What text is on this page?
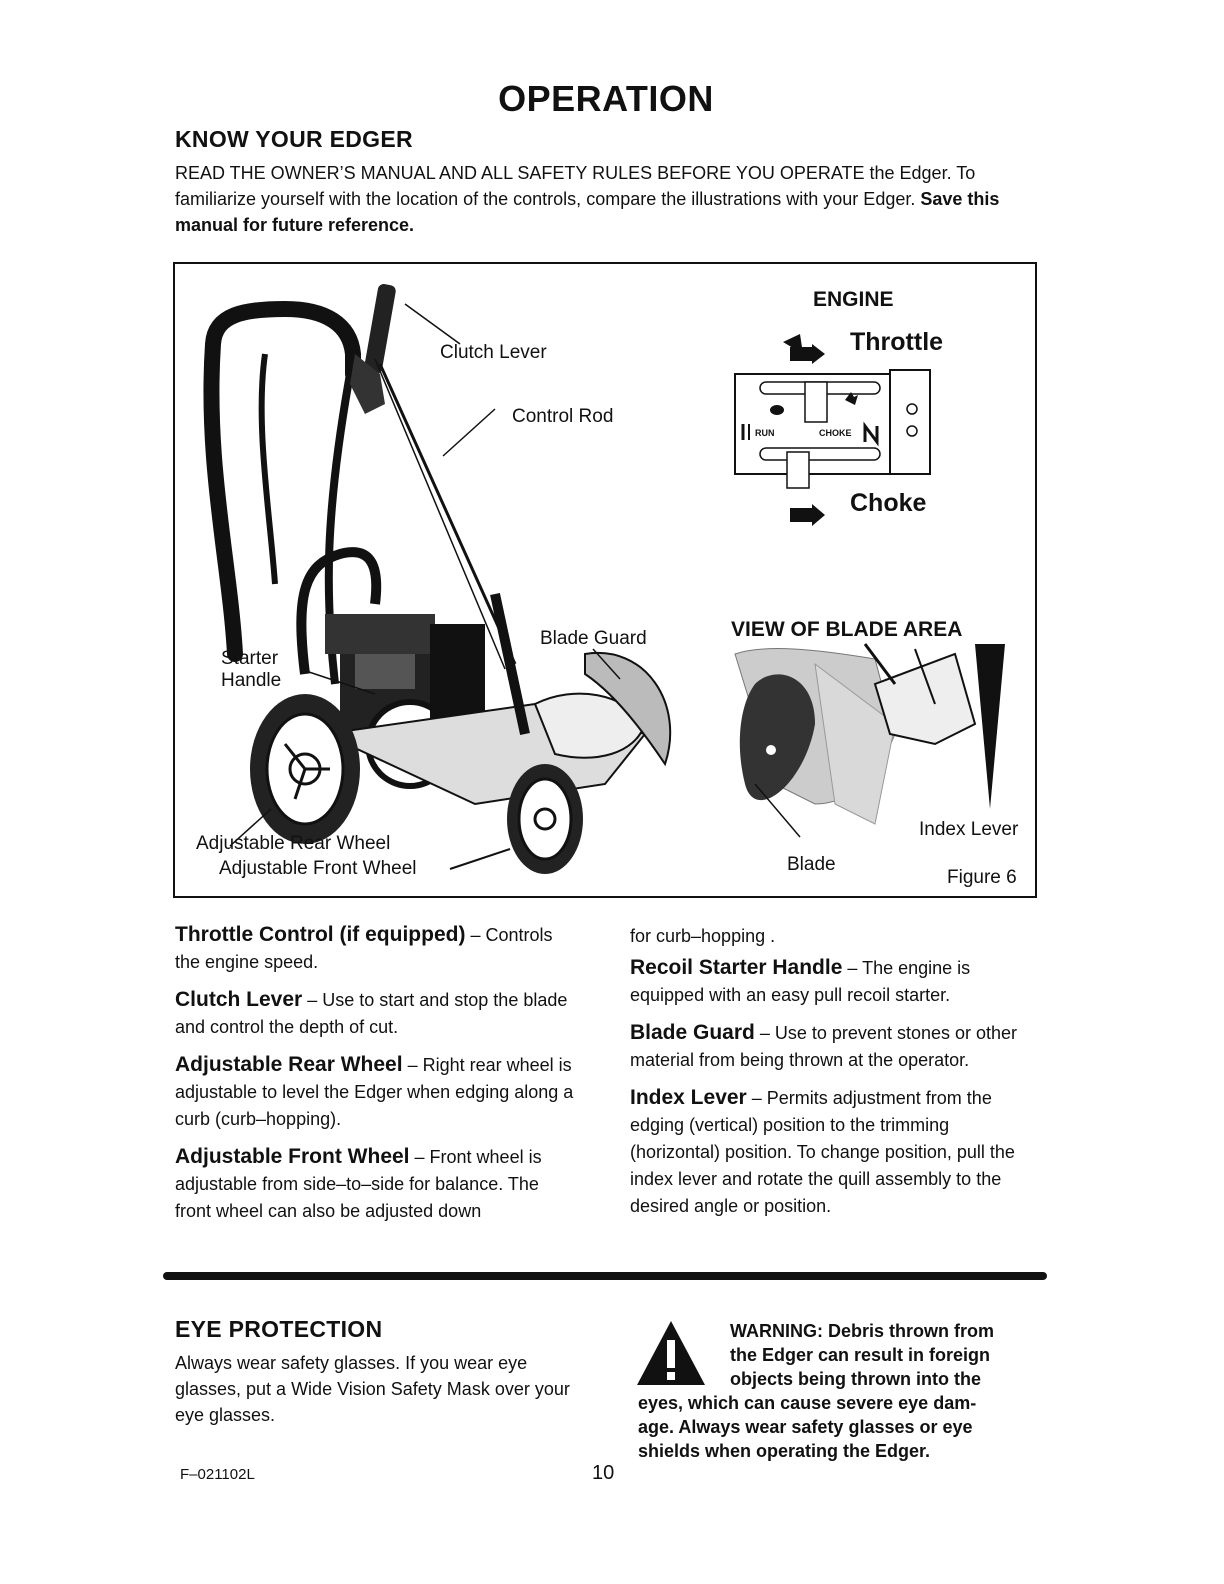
OPERATION
KNOW YOUR EDGER
READ THE OWNER’S MANUAL AND ALL SAFETY RULES BEFORE YOU OPERATE the Edger. To familiarize yourself with the location of the controls, compare the illustrations with your Edger. Save this manual for future reference.
Clutch Lever
Control Rod
Starter
Handle
Blade Guard
Adjustable Rear Wheel
Adjustable Front Wheel
ENGINE
Throttle
Choke
RUN	CHOKE
VIEW OF BLADE AREA
Index Lever
Blade
Figure 6

Throttle Control (if equipped) – Controls the engine speed.

Clutch Lever – Use to start and stop the blade and control the depth of cut.

Adjustable Rear Wheel – Right rear wheel is adjustable to level the Edger when edging along a curb (curb–hopping).

Adjustable Front Wheel – Front wheel is adjustable from side–to–side for balance. The front wheel can also be adjusted down

for curb–hopping .

Recoil Starter Handle – The engine is equipped with an easy pull recoil starter.

Blade Guard – Use to prevent stones or other material from being thrown at the operator.

Index Lever – Permits adjustment from the edging (vertical) position to the trimming (horizontal) position. To change position, pull the index lever and rotate the quill assembly to the desired angle or position.

EYE PROTECTION
Always wear safety glasses. If you wear eye glasses, put a Wide Vision Safety Mask over your eye glasses.
WARNING: Debris thrown from
the Edger can result in foreign
objects being thrown into the
eyes, which can cause severe eye dam-
age. Always wear safety glasses or eye
shields when operating the Edger.
F–021102L	10
